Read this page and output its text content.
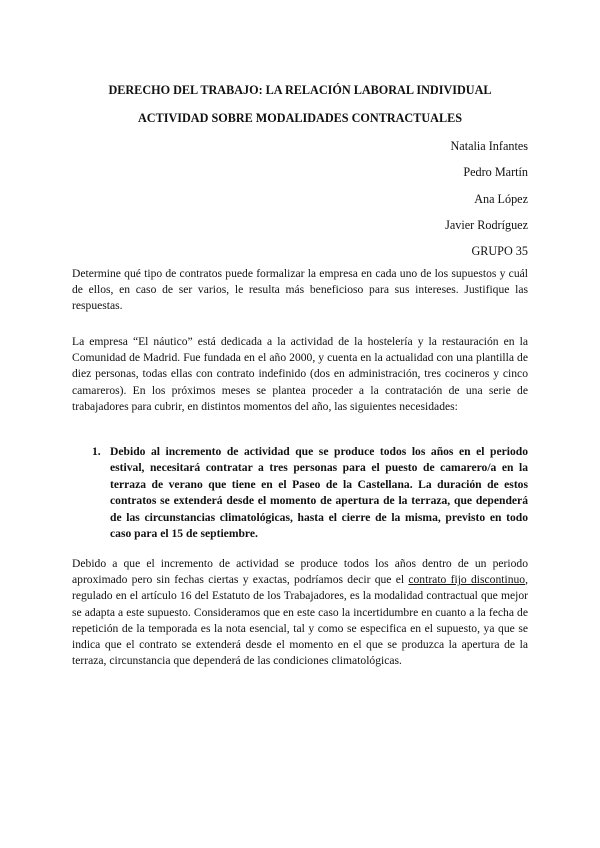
DERECHO DEL TRABAJO: LA RELACIÓN LABORAL INDIVIDUAL
ACTIVIDAD SOBRE MODALIDADES CONTRACTUALES
Natalia Infantes
Pedro Martín
Ana López
Javier Rodríguez
GRUPO 35

Determine qué tipo de contratos puede formalizar la empresa en cada uno de los supuestos y cuál de ellos, en caso de ser varios, le resulta más beneficioso para sus intereses. Justifique las respuestas.

La empresa “El náutico” está dedicada a la actividad de la hostelería y la restauración en la Comunidad de Madrid. Fue fundada en el año 2000, y cuenta en la actualidad con una plantilla de diez personas, todas ellas con contrato indefinido (dos en administración, tres cocineros y cinco camareros). En los próximos meses se plantea proceder a la contratación de una serie de trabajadores para cubrir, en distintos momentos del año, las siguientes necesidades:

1. Debido al incremento de actividad que se produce todos los años en el periodo estival, necesitará contratar a tres personas para el puesto de camarero/a en la terraza de verano que tiene en el Paseo de la Castellana. La duración de estos contratos se extenderá desde el momento de apertura de la terraza, que dependerá de las circunstancias climatológicas, hasta el cierre de la misma, previsto en todo caso para el 15 de septiembre.

Debido a que el incremento de actividad se produce todos los años dentro de un periodo aproximado pero sin fechas ciertas y exactas, podríamos decir que el contrato fijo discontinuo, regulado en el artículo 16 del Estatuto de los Trabajadores, es la modalidad contractual que mejor se adapta a este supuesto. Consideramos que en este caso la incertidumbre en cuanto a la fecha de repetición de la temporada es la nota esencial, tal y como se especifica en el supuesto, ya que se indica que el contrato se extenderá desde el momento en el que se produzca la apertura de la terraza, circunstancia que dependerá de las condiciones climatológicas.
